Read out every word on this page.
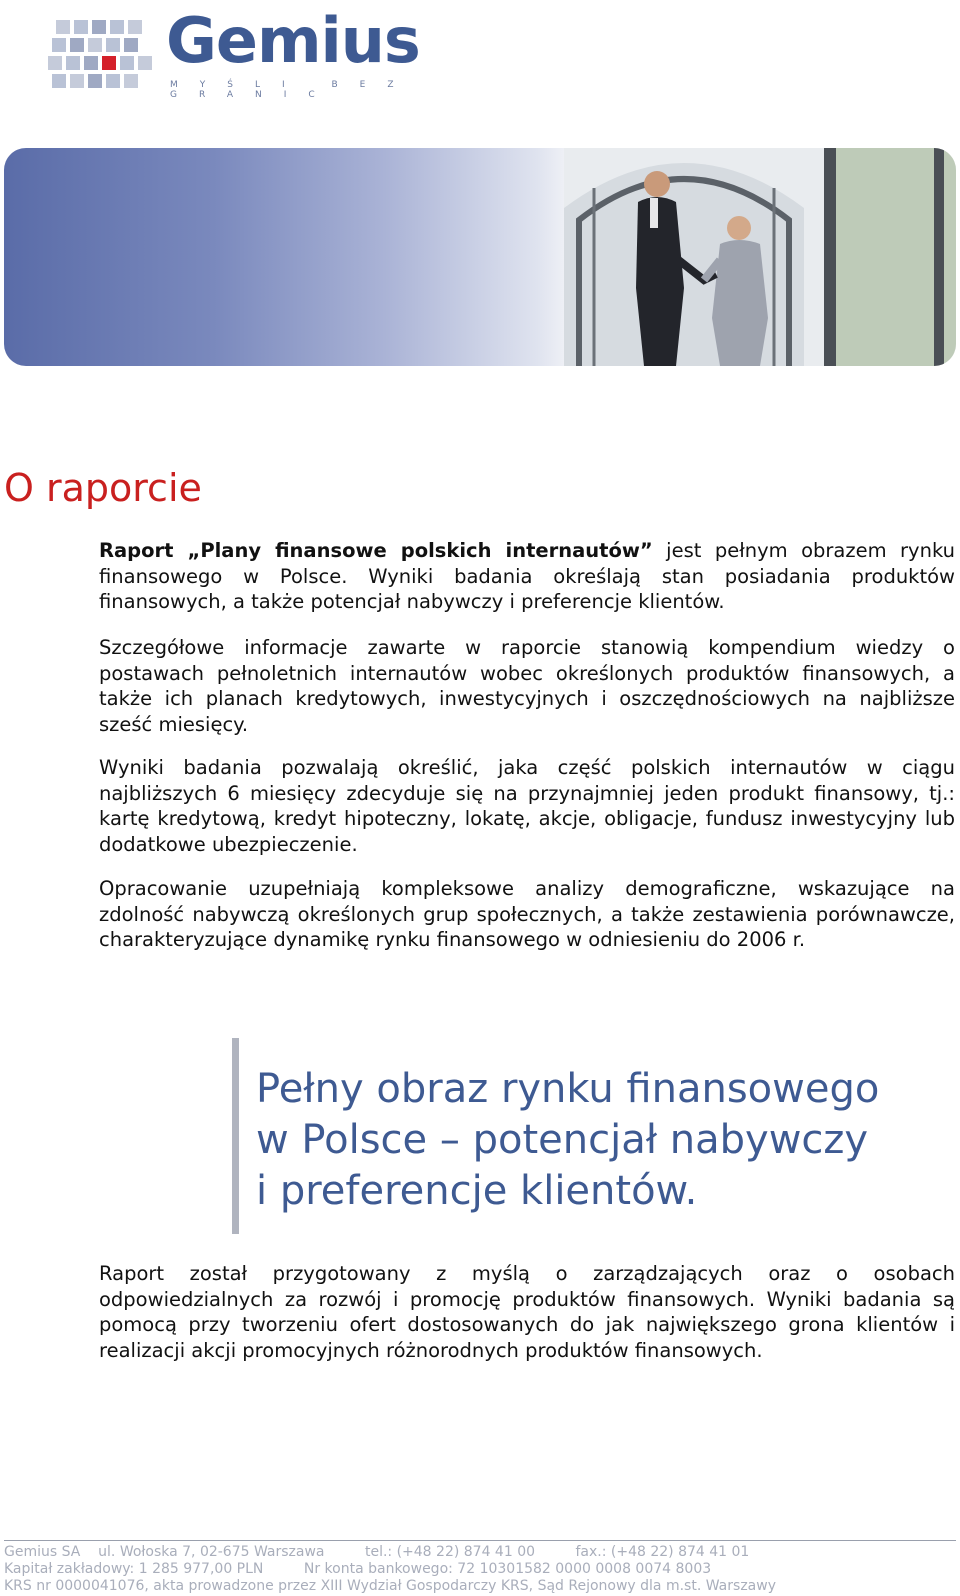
Gemius
MYŚLI BEZ GRANIC
O raporcie

Raport „Plany finansowe polskich internautów” jest pełnym obrazem rynku finansowego w Polsce. Wyniki badania określają stan posiadania produktów finansowych, a także potencjał nabywczy i preferencje klientów.

Szczegółowe informacje zawarte w raporcie stanowią kompendium wiedzy o postawach pełnoletnich internautów wobec określonych produktów finansowych, a także ich planach kredytowych, inwestycyjnych i oszczędnościowych na najbliższe sześć miesięcy.

Wyniki badania pozwalają określić, jaka część polskich internautów w ciągu najbliższych 6 miesięcy zdecyduje się na przynajmniej jeden produkt finansowy, tj.: kartę kredytową, kredyt hipoteczny, lokatę, akcje, obligacje, fundusz inwestycyjny lub dodatkowe ubezpieczenie.

Opracowanie uzupełniają kompleksowe analizy demograficzne, wskazujące na zdolność nabywczą określonych grup społecznych, a także zestawienia porównawcze, charakteryzujące dynamikę rynku finansowego w odniesieniu do 2006 r.

Pełny obraz rynku finansowego
w Polsce – potencjał nabywczy
i preferencje klientów.

Raport został przygotowany z myślą o zarządzających oraz o osobach odpowiedzialnych za rozwój i promocję produktów finansowych. Wyniki badania są pomocą przy tworzeniu ofert dostosowanych do jak największego grona klientów i realizacji akcji promocyjnych różnorodnych produktów finansowych.

Gemius SA ul. Wołoska 7, 02-675 Warszawa	tel.: (+48 22) 874 41 00	fax.: (+48 22) 874 41 01
Kapitał zakładowy: 1 285 977,00 PLN	Nr konta bankowego: 72 10301582 0000 0008 0074 8003
KRS nr 0000041076, akta prowadzone przez XIII Wydział Gospodarczy KRS, Sąd Rejonowy dla m.st. Warszawy
